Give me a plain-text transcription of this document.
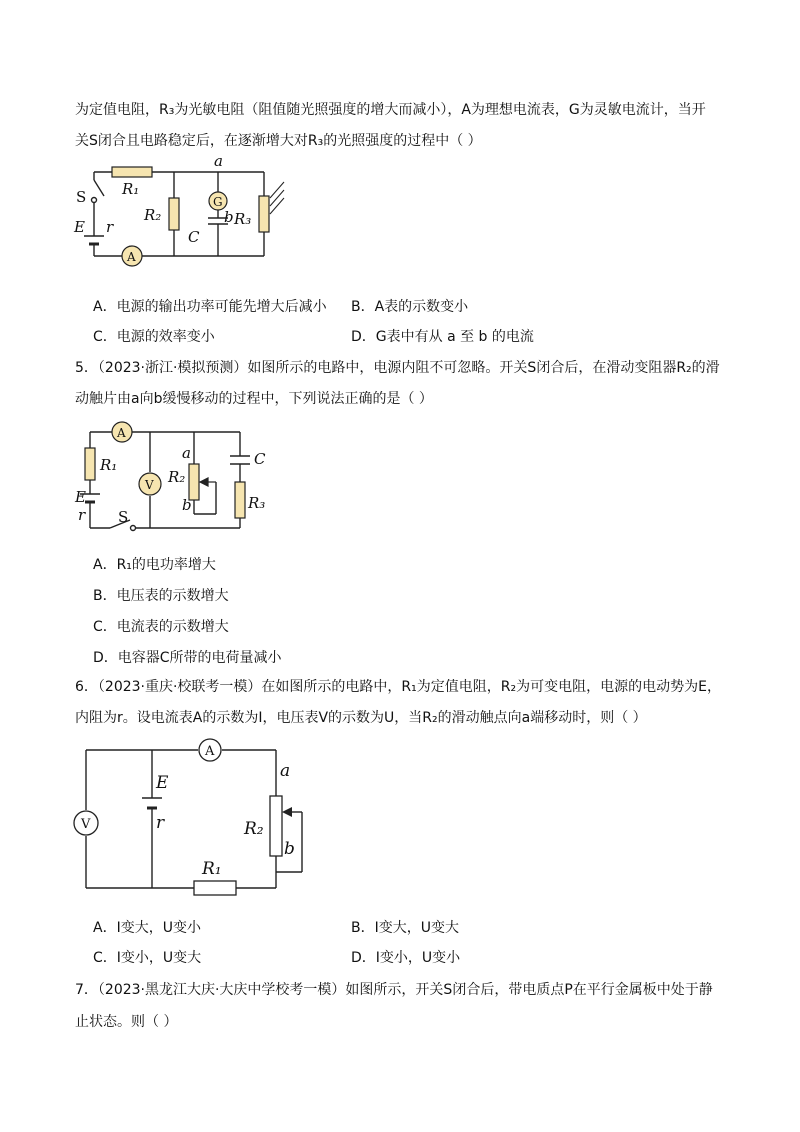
为定值电阻，R₃为光敏电阻（阻值随光照强度的增大而减小），A为理想电流表，G为灵敏电流计，当开
关S闭合且电路稳定后，在逐渐增大对R₃的光照强度的过程中（ ）
a
S
E r
R₁
R₂
G
b
C
R₃
A
A．电源的输出功率可能先增大后减小 B．A表的示数变小
C．电源的效率变小	D．G表中有从 a 至 b 的电流
5．（2023·浙江·模拟预测）如图所示的电路中，电源内阻不可忽略。开关S闭合后，在滑动变阻器R₂的滑
动触片由a向b缓慢移动的过程中，下列说法正确的是（ ）
A
R₁
E
r S
V
a
R₂
b
C
R₃
A．R₁的电功率增大
B．电压表的示数增大
C．电流表的示数增大
D．电容器C所带的电荷量减小
6．（2023·重庆·校联考一模）在如图所示的电路中，R₁为定值电阻，R₂为可变电阻，电源的电动势为E，
内阻为r。设电流表A的示数为I，电压表V的示数为U，当R₂的滑动触点向a端移动时，则（ ）
A
V
E
r
a
R₂
b
R₁
A．I变大，U变小	B．I变大，U变大
C．I变小，U变大	D．I变小，U变小
7．（2023·黑龙江大庆·大庆中学校考一模）如图所示，开关S闭合后，带电质点P在平行金属板中处于静
止状态。则（ ）
